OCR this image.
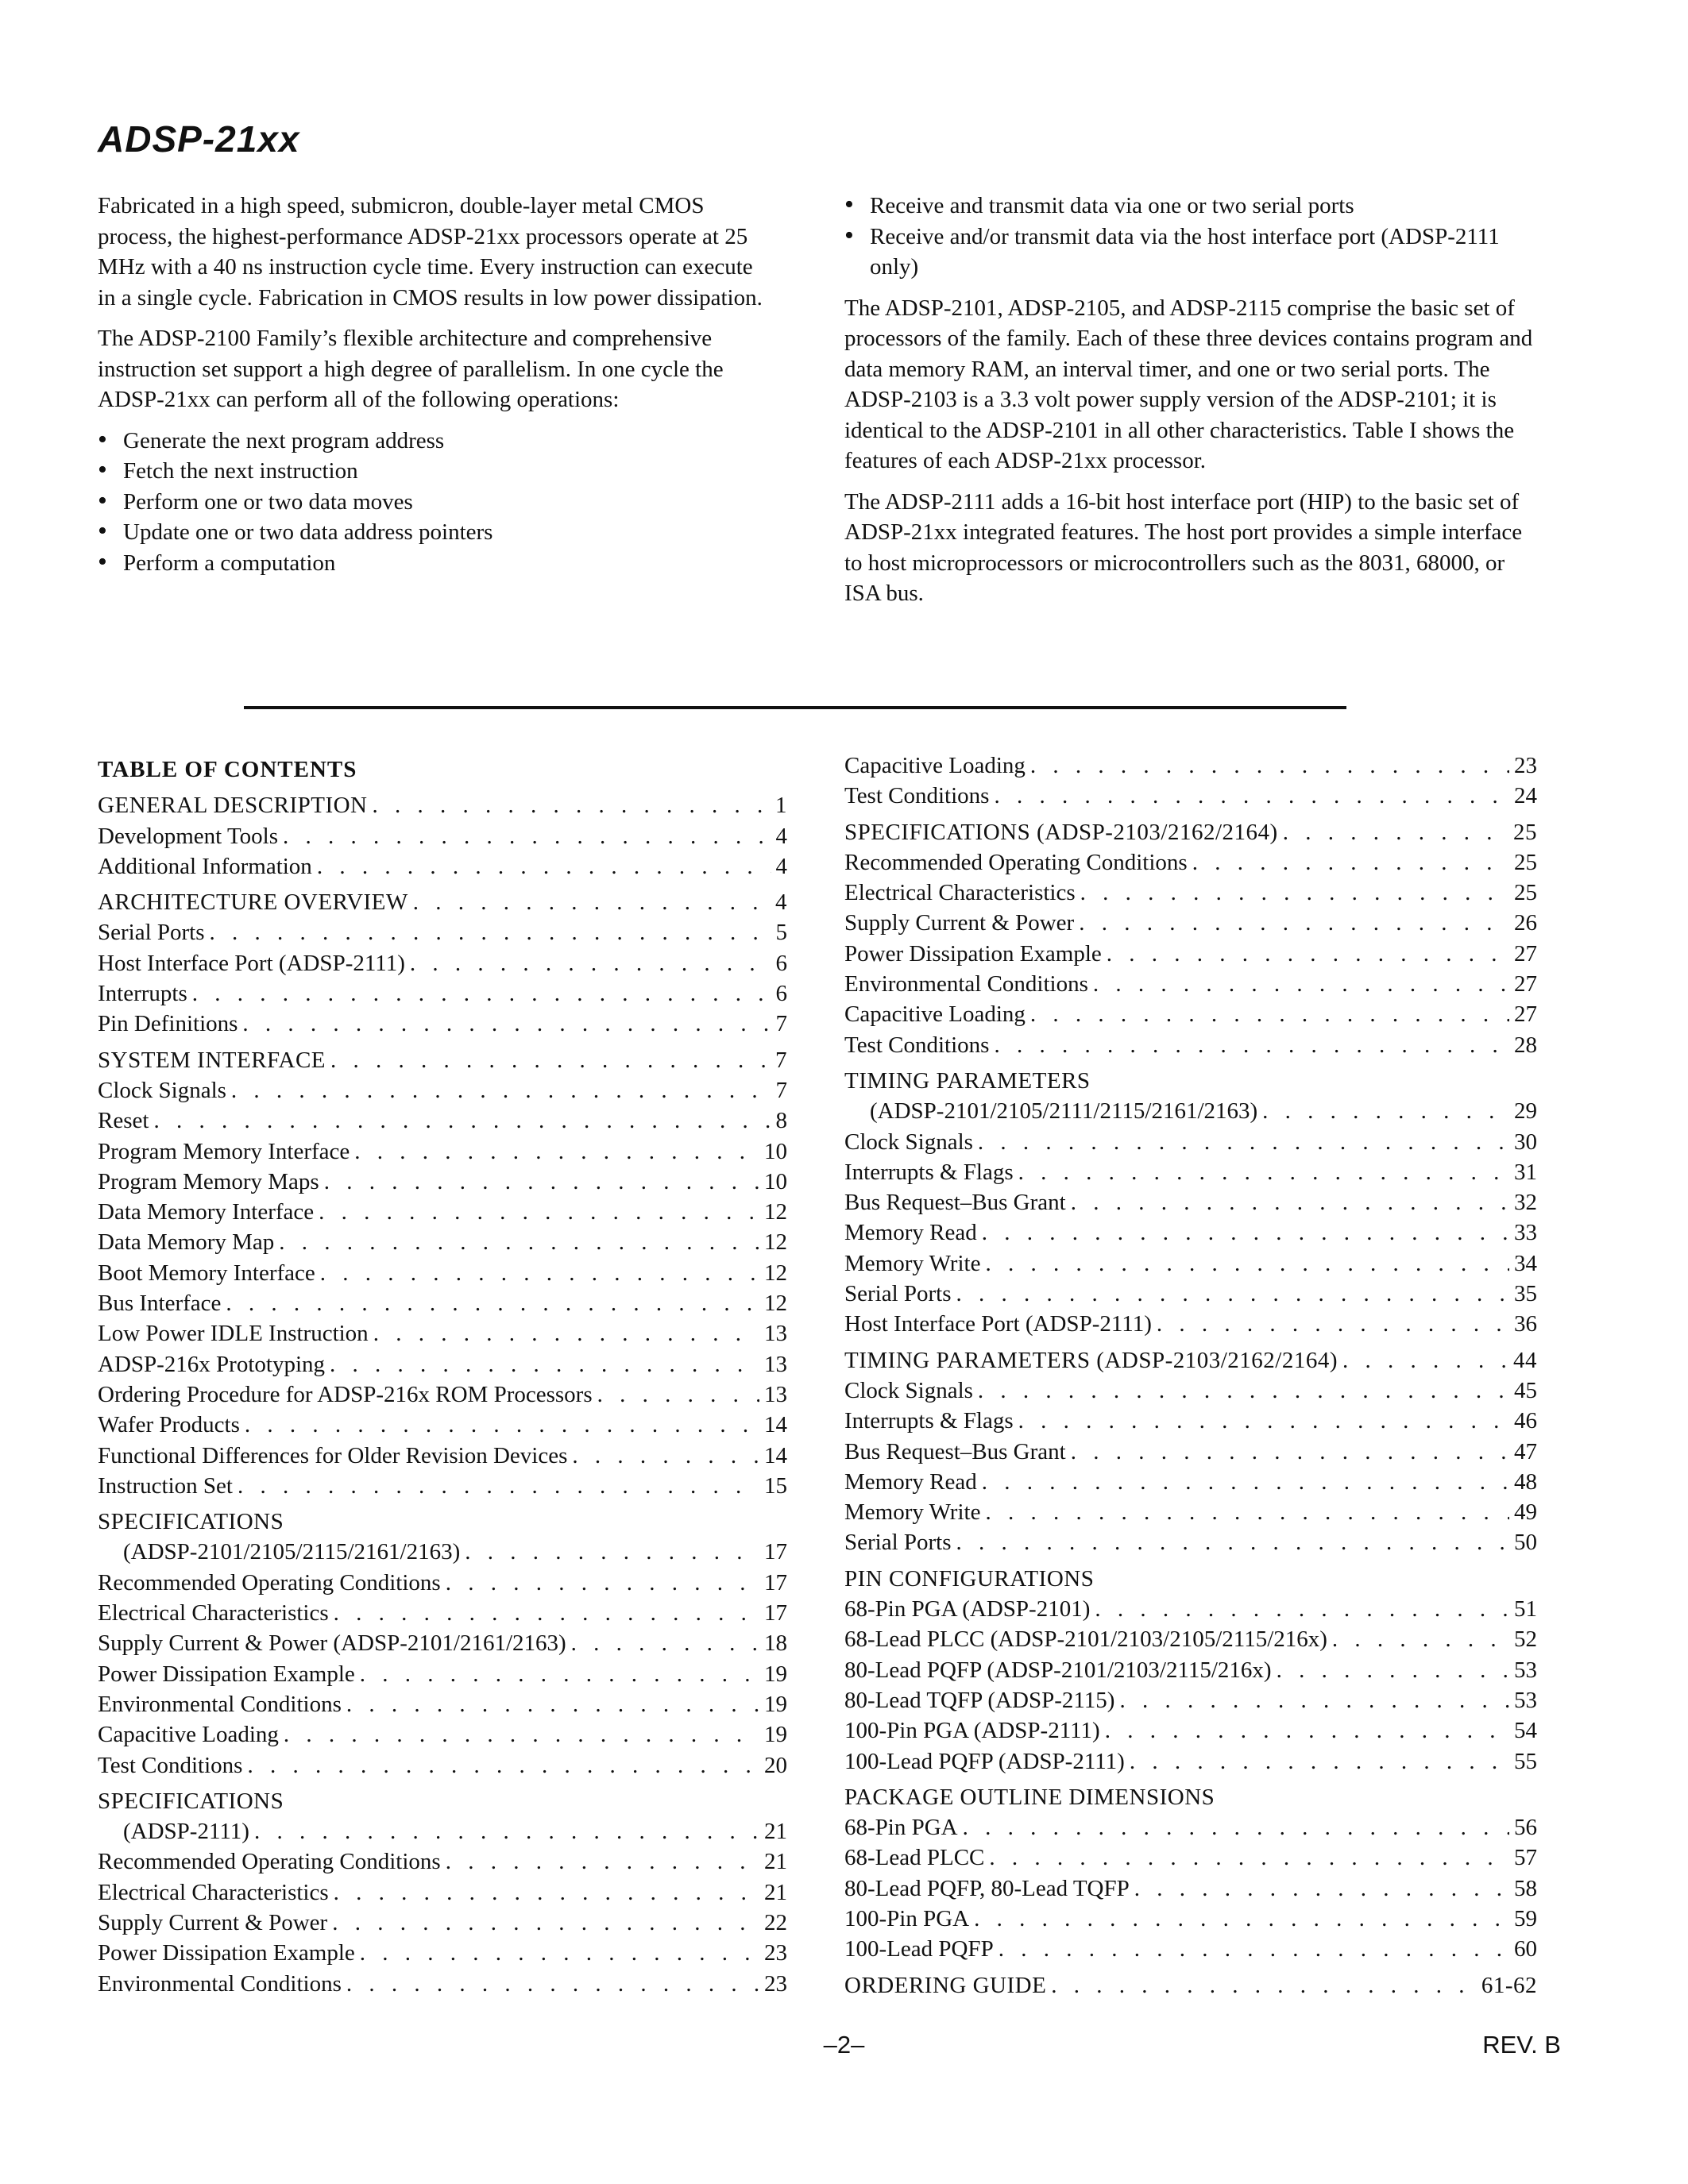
ADSP-21xx

Fabricated in a high speed, submicron, double-layer metal CMOS process, the highest-performance ADSP-21xx processors operate at 25 MHz with a 40 ns instruction cycle time. Every instruction can execute in a single cycle. Fabrication in CMOS results in low power dissipation.

The ADSP-2100 Family’s flexible architecture and comprehensive instruction set support a high degree of parallelism. In one cycle the ADSP-21xx can perform all of the following operations:

• Generate the next program address
• Fetch the next instruction
• Perform one or two data moves
• Update one or two data address pointers
• Perform a computation
• Receive and transmit data via one or two serial ports
• Receive and/or transmit data via the host interface port (ADSP-2111 only)

The ADSP-2101, ADSP-2105, and ADSP-2115 comprise the basic set of processors of the family. Each of these three devices contains program and data memory RAM, an interval timer, and one or two serial ports. The ADSP-2103 is a 3.3 volt power supply version of the ADSP-2101; it is identical to the ADSP-2101 in all other characteristics. Table I shows the features of each ADSP-21xx processor.

The ADSP-2111 adds a 16-bit host interface port (HIP) to the basic set of ADSP-21xx integrated features. The host port provides a simple interface to host microprocessors or microcontrollers such as the 8031, 68000, or ISA bus.

TABLE OF CONTENTS
GENERAL DESCRIPTION . . .	1
Development Tools . . .	4
Additional Information . . .	4
ARCHITECTURE OVERVIEW . . .	4
Serial Ports . . .	5
Host Interface Port (ADSP-2111) . . .	6
Interrupts . . .	6
Pin Definitions . . .	7
SYSTEM INTERFACE . . .	7
Clock Signals . . .	7
Reset . . .	8
Program Memory Interface . . .	10
Program Memory Maps . . .	10
Data Memory Interface . . .	12
Data Memory Map . . .	12
Boot Memory Interface . . .	12
Bus Interface . . .	12
Low Power IDLE Instruction . . .	13
ADSP-216x Prototyping . . .	13
Ordering Procedure for ADSP-216x ROM Processors . . .	13
Wafer Products . . .	14
Functional Differences for Older Revision Devices . . .	14
Instruction Set . . .	15
SPECIFICATIONS
(ADSP-2101/2105/2115/2161/2163) . . .	17
Recommended Operating Conditions . . .	17
Electrical Characteristics . . .	17
Supply Current & Power (ADSP-2101/2161/2163) . . .	18
Power Dissipation Example . . .	19
Environmental Conditions . . .	19
Capacitive Loading . . .	19
Test Conditions . . .	20
SPECIFICATIONS
(ADSP-2111) . . .	21
Recommended Operating Conditions . . .	21
Electrical Characteristics . . .	21
Supply Current & Power . . .	22
Power Dissipation Example . . .	23
Environmental Conditions . . .	23
Capacitive Loading . . .	23
Test Conditions . . .	24
SPECIFICATIONS (ADSP-2103/2162/2164) . . .	25
Recommended Operating Conditions . . .	25
Electrical Characteristics . . .	25
Supply Current & Power . . .	26
Power Dissipation Example . . .	27
Environmental Conditions . . .	27
Capacitive Loading . . .	27
Test Conditions . . .	28
TIMING PARAMETERS
(ADSP-2101/2105/2111/2115/2161/2163) . . .	29
Clock Signals . . .	30
Interrupts & Flags . . .	31
Bus Request–Bus Grant . . .	32
Memory Read . . .	33
Memory Write . . .	34
Serial Ports . . .	35
Host Interface Port (ADSP-2111) . . .	36
TIMING PARAMETERS (ADSP-2103/2162/2164) . . .	44
Clock Signals . . .	45
Interrupts & Flags . . .	46
Bus Request–Bus Grant . . .	47
Memory Read . . .	48
Memory Write . . .	49
Serial Ports . . .	50
PIN CONFIGURATIONS
68-Pin PGA (ADSP-2101) . . .	51
68-Lead PLCC (ADSP-2101/2103/2105/2115/216x) . . .	52
80-Lead PQFP (ADSP-2101/2103/2115/216x) . . .	53
80-Lead TQFP (ADSP-2115) . . .	53
100-Pin PGA (ADSP-2111) . . .	54
100-Lead PQFP (ADSP-2111) . . .	55
PACKAGE OUTLINE DIMENSIONS
68-Pin PGA . . .	56
68-Lead PLCC . . .	57
80-Lead PQFP, 80-Lead TQFP . . .	58
100-Pin PGA . . .	59
100-Lead PQFP . . .	60
ORDERING GUIDE . . .	61-62
–2–	REV. B
